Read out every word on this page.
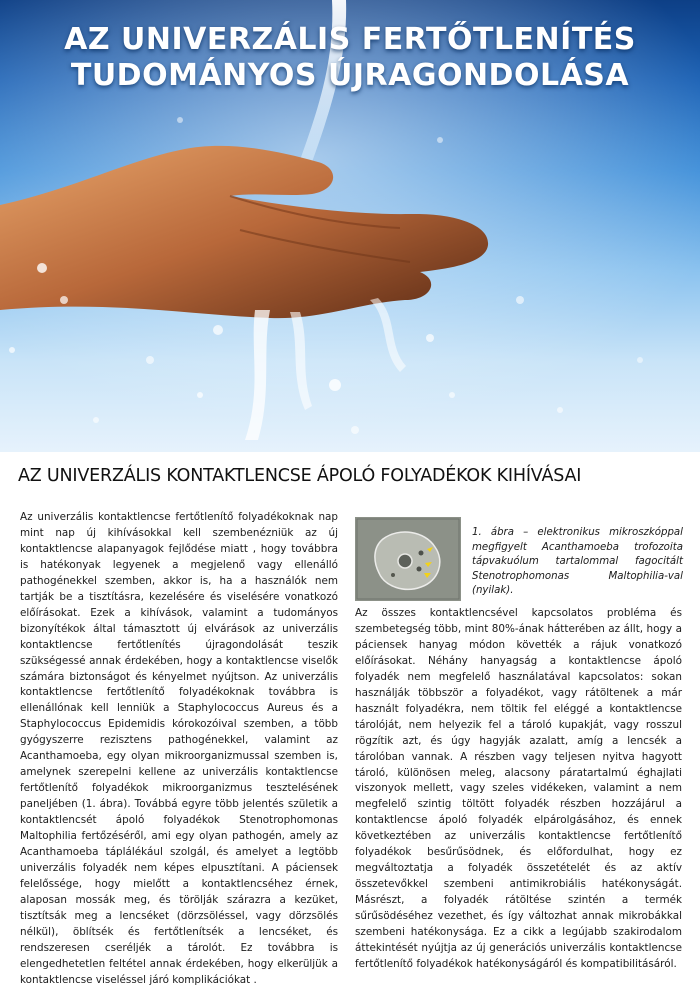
AZ UNIVERZÁLIS FERTŐTLENÍTÉS
TUDOMÁNYOS ÚJRAGONDOLÁSA
AZ UNIVERZÁLIS KONTAKTLENCSE ÁPOLÓ FOLYADÉKOK KIHÍVÁSAI

Az univerzális kontaktlencse fertőtlenítő folyadékoknak nap mint nap új kihívásokkal kell szembenézniük az új kontaktlencse alapanyagok fejlődése miatt , hogy továbbra is hatékonyak legyenek a megjelenő vagy ellenálló pathogénekkel szemben, akkor is, ha a használók nem tartják be a tisztításra, kezelésére és viselésére vonatkozó előírásokat. Ezek a kihívások, valamint a tudományos bizonyítékok által támasztott új elvárások az univerzális kontaktlencse fertőtlenítés újragondolását teszik szükségessé annak érdekében, hogy a kontaktlencse viselők számára biztonságot és kényelmet nyújtson. Az univerzális kontaktlencse fertőtlenítő folyadékoknak továbbra is ellenállónak kell lenniük a Staphylococcus Aureus és a Staphylococcus Epidemidis kórokozóival szemben, a több gyógyszerre rezisztens pathogénekkel, valamint az Acanthamoeba, egy olyan mikroorganizmussal szemben is, amelynek szerepelni kellene az univerzális kontaktlencse fertőtlenítő folyadékok mikroorganizmus tesztelésének paneljében (1. ábra). Továbbá egyre több jelentés születik a kontaktlencsét ápoló folyadékok Stenotrophomonas Maltophilia fertőzéséről, ami egy olyan pathogén, amely az Acanthamoeba táplálékául szolgál, és amelyet a legtöbb univerzális folyadék nem képes elpusztítani. A páciensek felelőssége, hogy mielőtt a kontaktlencséhez érnek, alaposan mossák meg, és törölják szárazra a kezüket, tisztítsák meg a lencséket (dörzsöléssel, vagy dörzsölés nélkül), öblítsék és fertőtlenítsék a lencséket, és rendszeresen cseréljék a tárolót. Ez továbbra is elengedhetetlen feltétel annak érdekében, hogy elkerüljük a kontaktlencse viseléssel járó komplikációkat .

1. ábra – elektronikus mikroszkóppal megfigyelt Acanthamoeba trofozoita tápvakuólum tartalommal fagocitált Stenotrophomonas Maltophilia-val (nyilak).

Az összes kontaktlencsével kapcsolatos probléma és szembetegség több, mint 80%-ának hátterében az állt, hogy a páciensek hanyag módon követték a rájuk vonatkozó előírásokat. Néhány hanyagság a kontaktlencse ápoló folyadék nem megfelelő használatával kapcsolatos: sokan használják többször a folyadékot, vagy rátöltenek a már használt folyadékra, nem töltik fel eléggé a kontaktlencse tárolóját, nem helyezik fel a tároló kupakját, vagy rosszul rögzítik azt, és úgy hagyják azalatt, amíg a lencsék a tárolóban vannak. A részben vagy teljesen nyitva hagyott tároló, különösen meleg, alacsony páratartalmú éghajlati viszonyok mellett, vagy szeles vidékeken, valamint a nem megfelelő szintig töltött folyadék részben hozzájárul a kontaktlencse ápoló folyadék elpárolgásához, és ennek következtében az univerzális kontaktlencse fertőtlenítő folyadékok besűrűsödnek, és előfordulhat, hogy ez megváltoztatja a folyadék összetételét és az aktív összetevőkkel szembeni antimikrobiális hatékonyságát. Másrészt, a folyadék rátöltése szintén a termék sűrűsödéséhez vezethet, és így változhat annak mikrobákkal szembeni hatékonysága. Ez a cikk a legújabb szakirodalom áttekintését nyújtja az új generációs univerzális kontaktlencse fertőtlenítő folyadékok hatékonyságáról és kompatibilitásáról.
